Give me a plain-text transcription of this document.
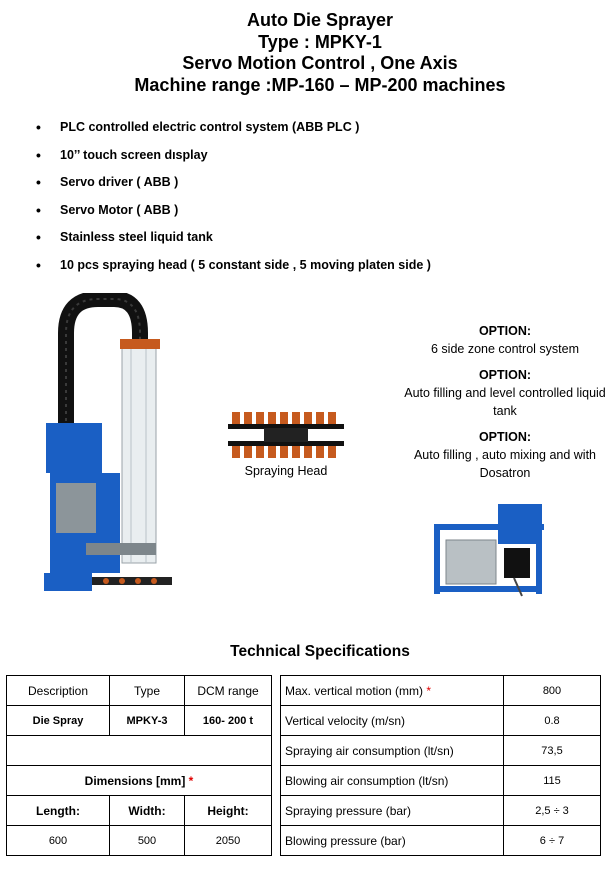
Auto Die Sprayer
Type : MPKY-1
Servo Motion Control , One Axis
Machine range :MP-160 – MP-200 machines
• PLC controlled electric control system (ABB PLC )
• 10’’ touch screen dısplay
• Servo driver ( ABB )
• Servo Motor ( ABB )
• Stainless steel liquid tank
• 10 pcs spraying head ( 5 constant side , 5 moving platen side )
Spraying Head
OPTION:
6 side zone control system
OPTION:
Auto filling and level controlled liquid tank
OPTION:
Auto filling , auto mixing and with Dosatron
Technical Specifications
Description	Type	DCM range
Die Spray	MPKY-3	160- 200 t

Dimensions [mm] *		
Length:	Width:	Height:
600	500	2050
Max. vertical motion (mm) *	800
Vertical velocity (m/sn)	0.8
Spraying air consumption (lt/sn)	73,5
Blowing air consumption (lt/sn)	115
Spraying pressure (bar)	2,5 ÷ 3
Blowing pressure (bar)	6 ÷ 7
